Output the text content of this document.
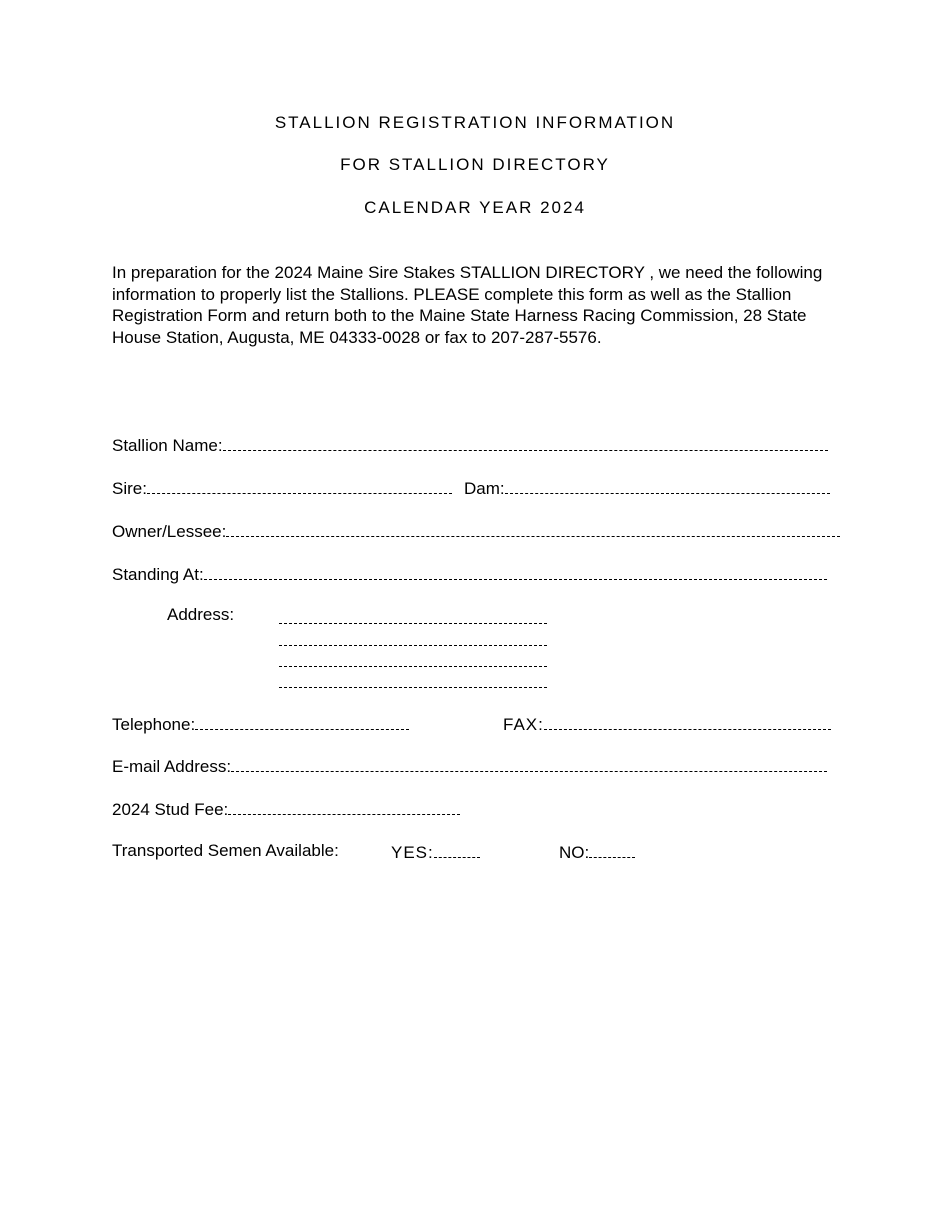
STALLION REGISTRATION INFORMATION
FOR STALLION DIRECTORY
CALENDAR YEAR 2024
In preparation for the 2024 Maine Sire Stakes STALLION DIRECTORY , we need the following information to properly list the Stallions. PLEASE complete this form as well as the Stallion Registration Form and return both to the Maine State Harness Racing Commission, 28 State House Station, Augusta, ME 04333-0028 or fax to 207-287-5576.
Stallion Name:
Sire:	Dam:
Owner/Lessee:
Standing At:
Address:
Telephone:	FAX:
E-mail Address:
2024 Stud Fee:
Transported Semen Available:	YES:	NO:
